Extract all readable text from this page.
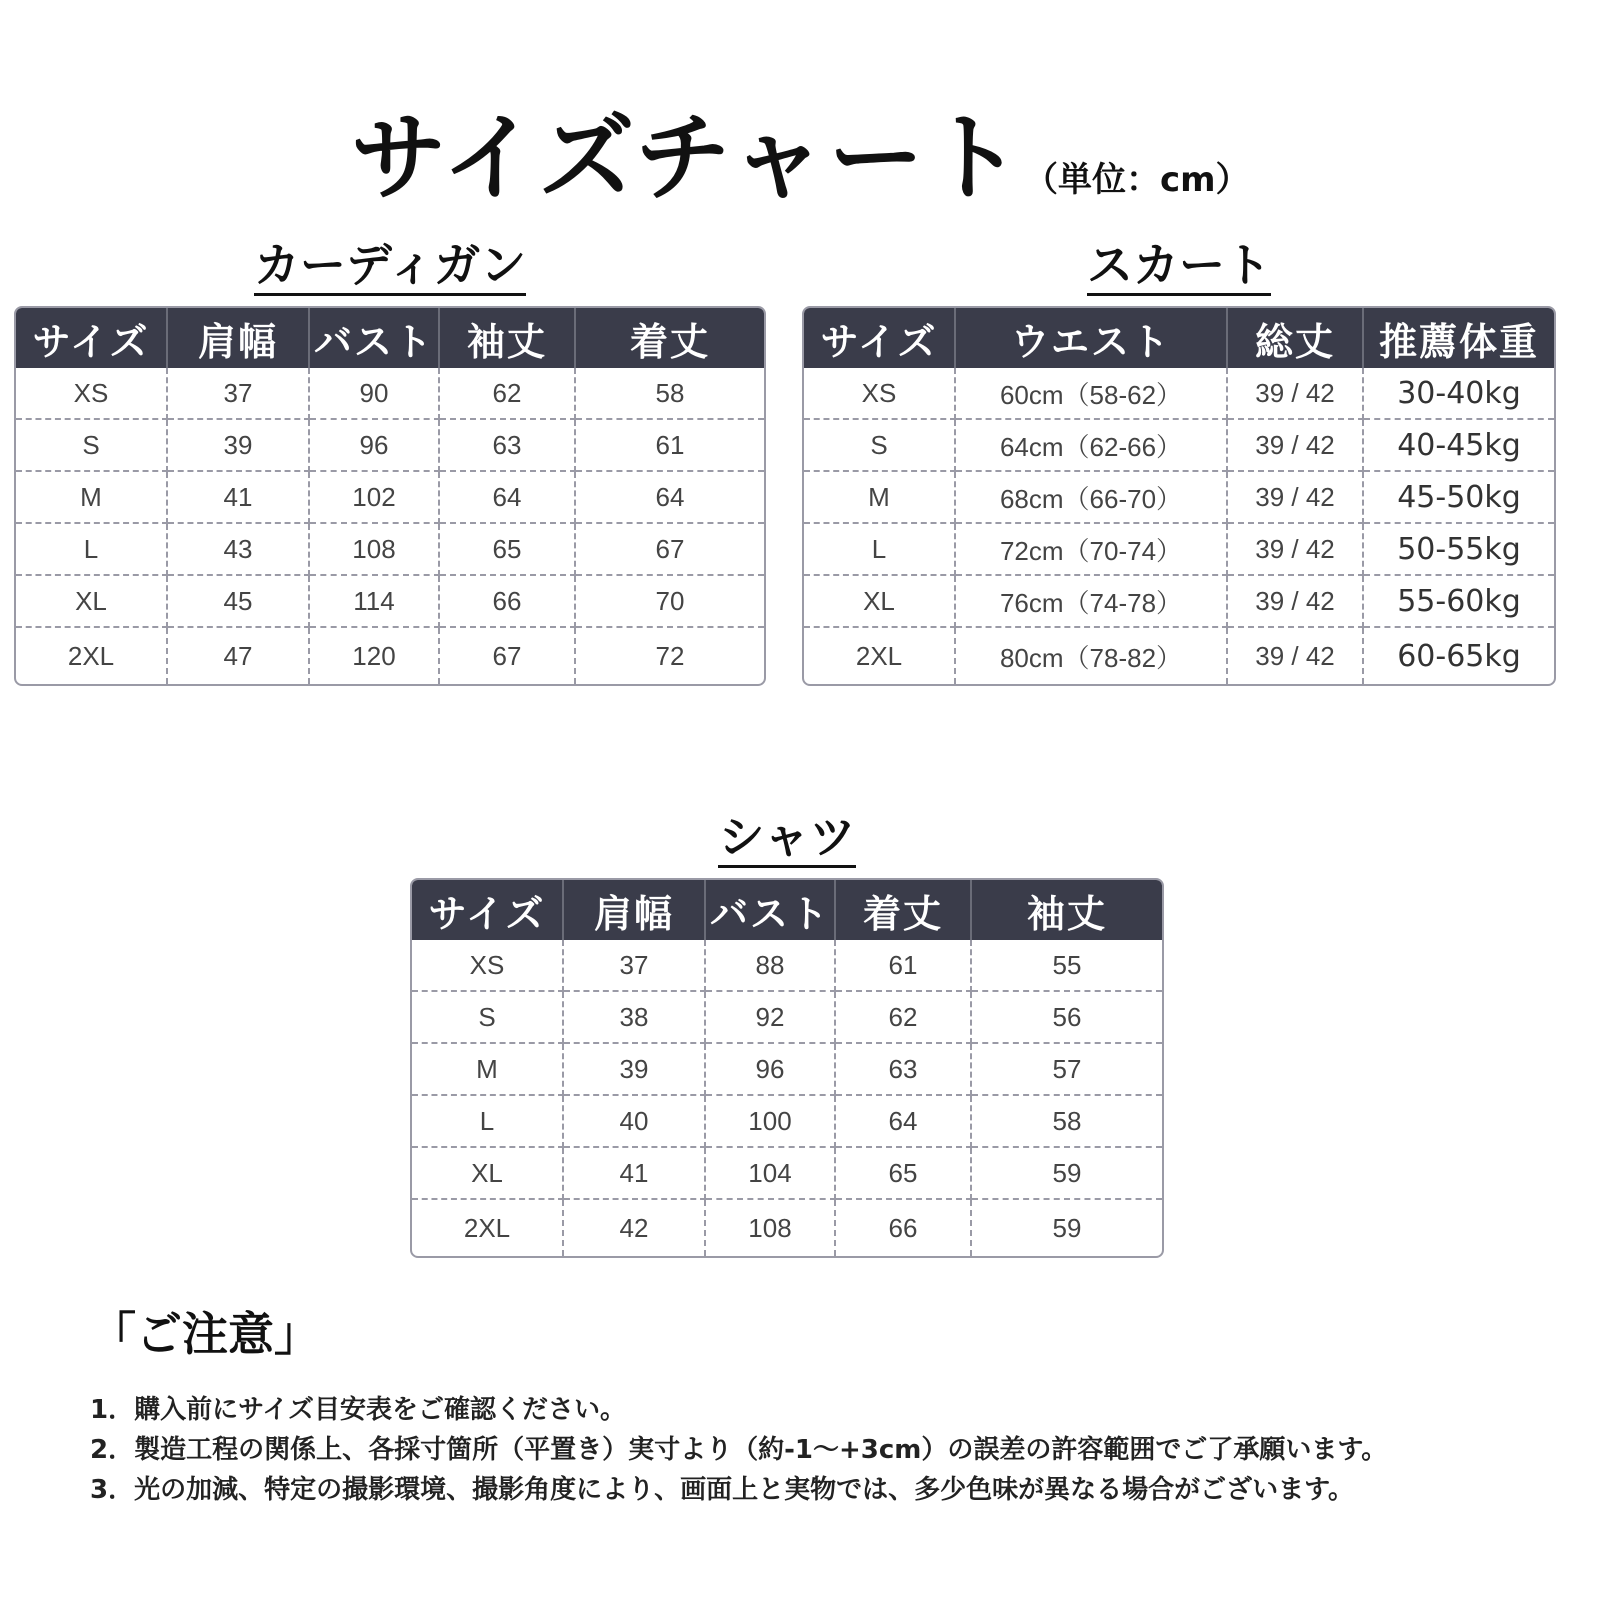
サイズチャート（単位：cm）
カーディガン
サイズ	肩幅	バスト	袖丈	着丈
XS	37	90	62	58
S	39	96	63	61
M	41	102	64	64
L	43	108	65	67
XL	45	114	66	70
2XL	47	120	67	72
スカート
サイズ	ウエスト	総丈	推薦体重
XS	60cm（58-62）	39 / 42	30-40kg
S	64cm（62-66）	39 / 42	40-45kg
M	68cm（66-70）	39 / 42	45-50kg
L	72cm（70-74）	39 / 42	50-55kg
XL	76cm（74-78）	39 / 42	55-60kg
2XL	80cm（78-82）	39 / 42	60-65kg
シャツ
サイズ	肩幅	バスト	着丈	袖丈
XS	37	88	61	55
S	38	92	62	56
M	39	96	63	57
L	40	100	64	58
XL	41	104	65	59
2XL	42	108	66	59
「ご注意」
1．購入前にサイズ目安表をご確認ください。
2．製造工程の関係上、各採寸箇所（平置き）実寸より（約-1～+3cm）の誤差の許容範囲でご了承願います。
3．光の加減、特定の撮影環境、撮影角度により、画面上と実物では、多少色味が異なる場合がございます。
